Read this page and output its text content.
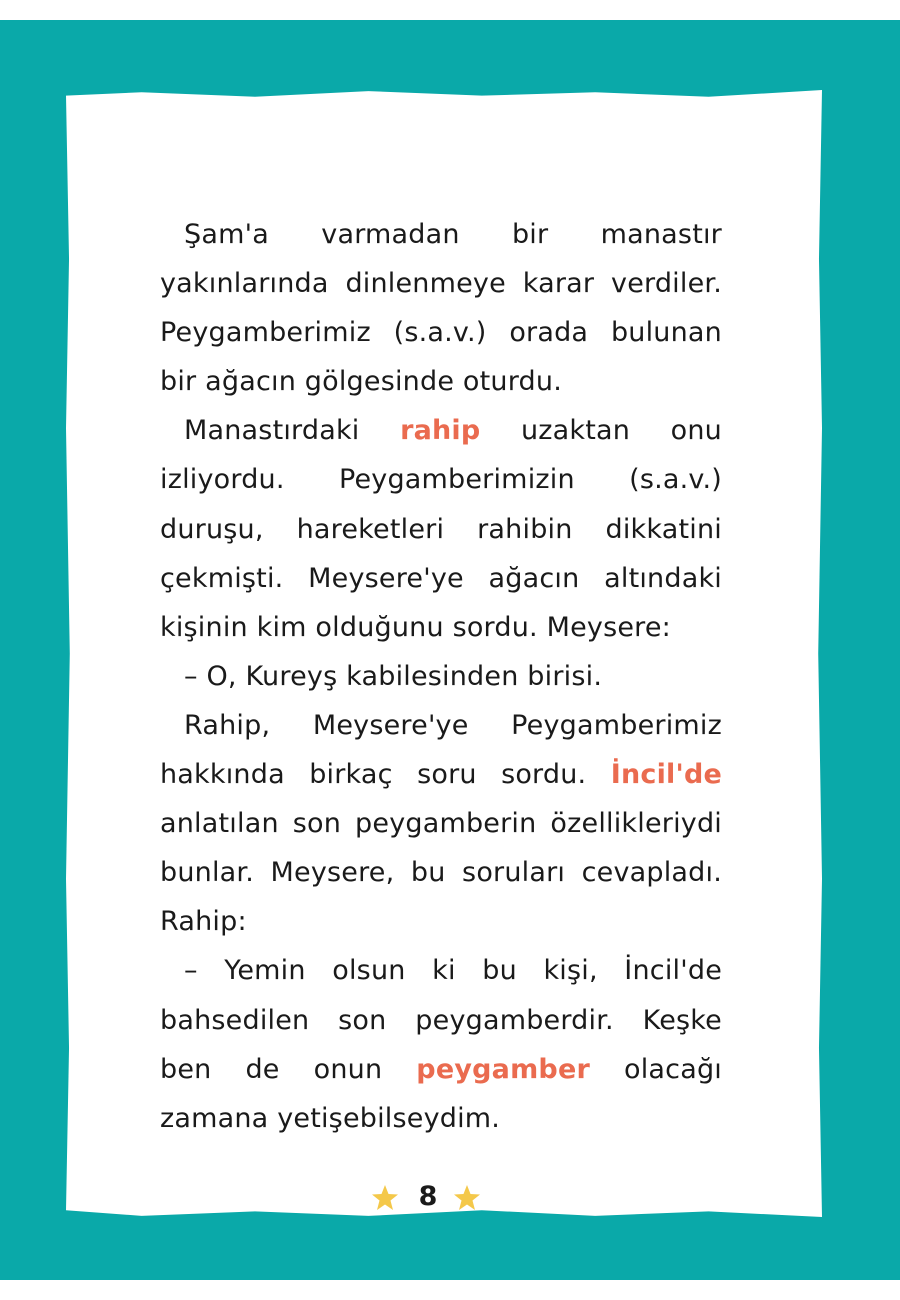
Şam'a varmadan bir manastır yakınlarında dinlenmeye karar verdiler. Peygamberimiz (s.a.v.) orada bulunan bir ağacın gölgesinde oturdu.

Manastırdaki rahip uzaktan onu izliyordu. Peygamberimizin (s.a.v.) duruşu, hareketleri rahibin dikkatini çekmişti. Meysere'ye ağacın altındaki kişinin kim olduğunu sordu. Meysere:

– O, Kureyş kabilesinden birisi.

Rahip, Meysere'ye Peygamberimiz hakkında birkaç soru sordu. İncil'de anlatılan son peygamberin özellikleriydi bunlar. Meysere, bu soruları cevapladı. Rahip:

– Yemin olsun ki bu kişi, İncil'de bahsedilen son peygamberdir. Keşke ben de onun peygamber olacağı zamana yetişebilseydim.

8
